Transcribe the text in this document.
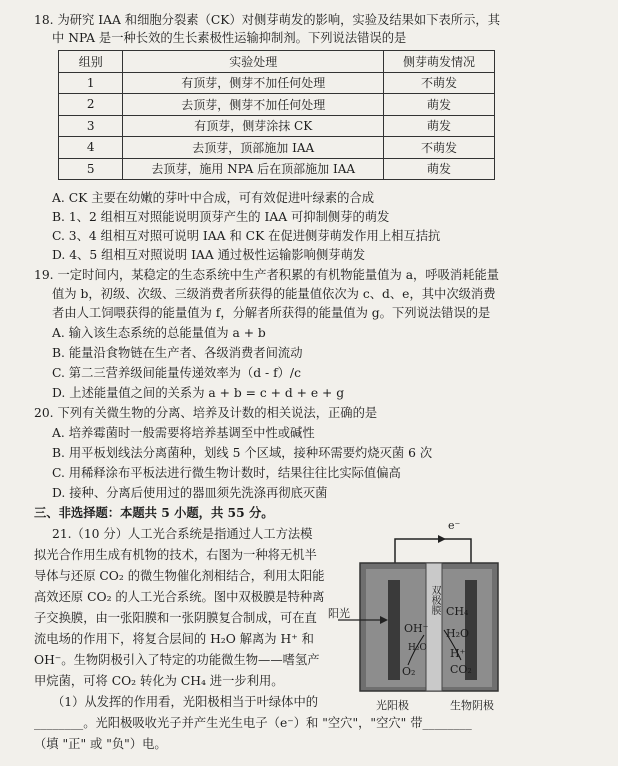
18. 为研究 IAA 和细胞分裂素（CK）对侧芽萌发的影响，实验及结果如下表所示，其
中 NPA 是一种长效的生长素极性运输抑制剂。下列说法错误的是
组别	实验处理	侧芽萌发情况
1	有顶芽，侧芽不加任何处理	不萌发
2	去顶芽，侧芽不加任何处理	萌发
3	有顶芽，侧芽涂抹 CK	萌发
4	去顶芽，顶部施加 IAA	不萌发
5	去顶芽，施用 NPA 后在顶部施加 IAA	萌发
A. CK 主要在幼嫩的芽叶中合成，可有效促进叶绿素的合成
B. 1、2 组相互对照能说明顶芽产生的 IAA 可抑制侧芽的萌发
C. 3、4 组相互对照可说明 IAA 和 CK 在促进侧芽萌发作用上相互拮抗
D. 4、5 组相互对照说明 IAA 通过极性运输影响侧芽萌发
19. 一定时间内，某稳定的生态系统中生产者积累的有机物能量值为 a，呼吸消耗能量
值为 b，初级、次级、三级消费者所获得的能量值依次为 c、d、e，其中次级消费
者由人工饲喂获得的能量值为 f，分解者所获得的能量值为 g。下列说法错误的是
A. 输入该生态系统的总能量值为 a + b
B. 能量沿食物链在生产者、各级消费者间流动
C. 第二三营养级间能量传递效率为（d - f）/c
D. 上述能量值之间的关系为 a + b = c + d + e + g
20. 下列有关微生物的分离、培养及计数的相关说法，正确的是
A. 培养霉菌时一般需要将培养基调至中性或碱性
B. 用平板划线法分离菌种，划线 5 个区域，接种环需要灼烧灭菌 6 次
C. 用稀释涂布平板法进行微生物计数时，结果往往比实际值偏高
D. 接种、分离后使用过的器皿须先洗涤再彻底灭菌
三、非选择题：本题共 5 小题，共 55 分。
21.（10 分）人工光合系统是指通过人工方法模
拟光合作用生成有机物的技术，右图为一种将无机半
导体与还原 CO₂ 的微生物催化剂相结合，利用太阳能
高效还原 CO₂ 的人工光合系统。图中双极膜是特种离
子交换膜，由一张阳膜和一张阴膜复合制成，可在直
流电场的作用下，将复合层间的 H₂O 解离为 H⁺ 和
OH⁻。生物阴极引入了特定的功能微生物——嗜氢产
甲烷菌，可将 CO₂ 转化为 CH₄ 进一步利用。
（1）从发挥的作用看，光阳极相当于叶绿体中的
________。光阳极吸收光子并产生光生电子（e⁻）和 "空穴"，"空穴" 带________
（填 "正" 或 "负"）电。
e⁻
双极膜
阳光
OH⁻
O₂
H₂O
CH₄
H₂O
H⁺
CO₂
光阳极	生物阴极
